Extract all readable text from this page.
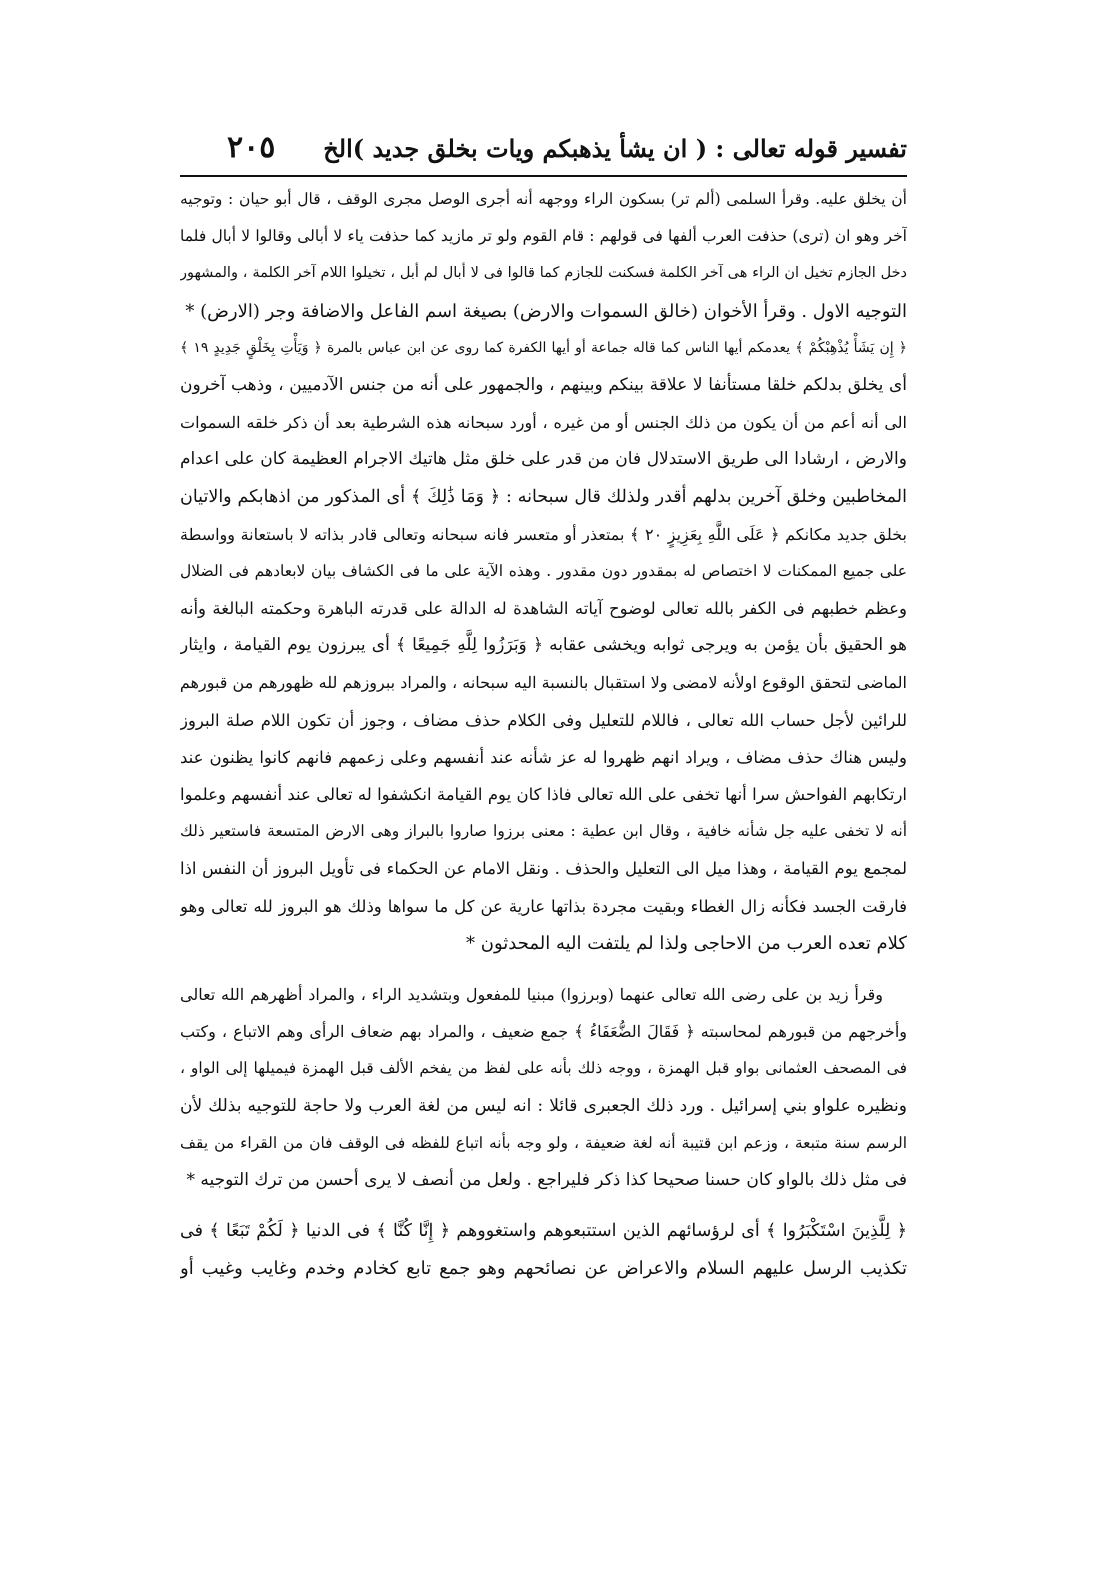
تفسير قوله تعالى : ( ان يشأ يذهبكم ويات بخلق جديد )الخ
٢٠٥
أن يخلق عليه. وقرأ السلمى (ألم تر) بسكون الراء ووجهه أنه أجرى الوصل مجرى الوقف ، قال أبو حيان : وتوجيه
آخر وهو ان (ترى) حذفت العرب ألفها فى قولهم : قام القوم ولو تر مازيد كما حذفت ياء لا أبالى وقالوا لا أبال فلما
دخل الجازم تخيل ان الراء هى آخر الكلمة فسكنت للجازم كما قالوا فى لا أبال لم أبل ، تخيلوا اللام آخر الكلمة ، والمشهور
التوجيه الاول . وقرأ الأخوان (خالق السموات والارض) بصيغة اسم الفاعل والاضافة وجر (الارض) *
﴿ إِن يَشَأْ يُذْهِبْكُمْ ﴾ يعدمكم أيها الناس كما قاله جماعة أو أيها الكفرة كما روى عن ابن عباس بالمرة ﴿ وَيَأْتِ بِخَلْقٍ جَدِيدٍ ١٩ ﴾
أى يخلق بدلكم خلقا مستأنفا لا علاقة بينكم وبينهم ، والجمهور على أنه من جنس الآدميين ، وذهب آخرون
الى أنه أعم من أن يكون من ذلك الجنس أو من غيره ، أورد سبحانه هذه الشرطية بعد أن ذكر خلقه السموات
والارض ، ارشادا الى طريق الاستدلال فان من قدر على خلق مثل هاتيك الاجرام العظيمة كان على اعدام
المخاطبين وخلق آخرين بدلهم أقدر ولذلك قال سبحانه : ﴿ وَمَا ذَٰلِكَ ﴾ أى المذكور من اذهابكم والاتيان
بخلق جديد مكانكم ﴿ عَلَى اللَّهِ بِعَزِيزٍ ٢٠ ﴾ بمتعذر أو متعسر فانه سبحانه وتعالى قادر بذاته لا باستعانة وواسطة
على جميع الممكنات لا اختصاص له بمقدور دون مقدور . وهذه الآية على ما فى الكشاف بيان لابعادهم فى الضلال
وعظم خطبهم فى الكفر بالله تعالى لوضوح آياته الشاهدة له الدالة على قدرته الباهرة وحكمته البالغة وأنه
هو الحقيق بأن يؤمن به ويرجى ثوابه ويخشى عقابه ﴿ وَبَرَزُوا لِلَّهِ جَمِيعًا ﴾ أى يبرزون يوم القيامة ، وايثار
الماضى لتحقق الوقوع اولأنه لامضى ولا استقبال بالنسبة اليه سبحانه ، والمراد ببروزهم لله ظهورهم من قبورهم
للرائين لأجل حساب الله تعالى ، فاللام للتعليل وفى الكلام حذف مضاف ، وجوز أن تكون اللام صلة البروز
وليس هناك حذف مضاف ، ويراد انهم ظهروا له عز شأنه عند أنفسهم وعلى زعمهم فانهم كانوا يظنون عند
ارتكابهم الفواحش سرا أنها تخفى على الله تعالى فاذا كان يوم القيامة انكشفوا له تعالى عند أنفسهم وعلموا
أنه لا تخفى عليه جل شأنه خافية ، وقال ابن عطية : معنى برزوا صاروا بالبراز وهى الارض المتسعة فاستعير ذلك
لمجمع يوم القيامة ، وهذا ميل الى التعليل والحذف . ونقل الامام عن الحكماء فى تأويل البروز أن النفس اذا
فارقت الجسد فكأنه زال الغطاء وبقيت مجردة بذاتها عارية عن كل ما سواها وذلك هو البروز لله تعالى وهو
كلام تعده العرب من الاحاجى ولذا لم يلتفت اليه المحدثون *
وقرأ زيد بن على رضى الله تعالى عنهما (وبرزوا) مبنيا للمفعول وبتشديد الراء ، والمراد أظهرهم الله تعالى
وأخرجهم من قبورهم لمحاسبته ﴿ فَقَالَ الضُّعَفَاءُ ﴾ جمع ضعيف ، والمراد بهم ضعاف الرأى وهم الاتباع ، وكتب
فى المصحف العثمانى بواو قبل الهمزة ، ووجه ذلك بأنه على لفظ من يفخم الألف قبل الهمزة فيميلها إلى الواو ،
ونظيره علواو بني إسرائيل . ورد ذلك الجعبرى قائلا : انه ليس من لغة العرب ولا حاجة للتوجيه بذلك لأن
الرسم سنة متبعة ، وزعم ابن قتيبة أنه لغة ضعيفة ، ولو وجه بأنه اتباع للفظه فى الوقف فان من القراء من يقف
فى مثل ذلك بالواو كان حسنا صحيحا كذا ذكر فليراجع . ولعل من أنصف لا يرى أحسن من ترك التوجيه *
﴿ لِلَّذِينَ اسْتَكْبَرُوا ﴾ أى لرؤسائهم الذين استتبعوهم واستغووهم ﴿ إِنَّا كُنَّا ﴾ فى الدنيا ﴿ لَكُمْ تَبَعًا ﴾ فى
تكذيب الرسل عليهم السلام والاعراض عن نصائحهم وهو جمع تابع كخادم وخدم وغايب وغيب أو
